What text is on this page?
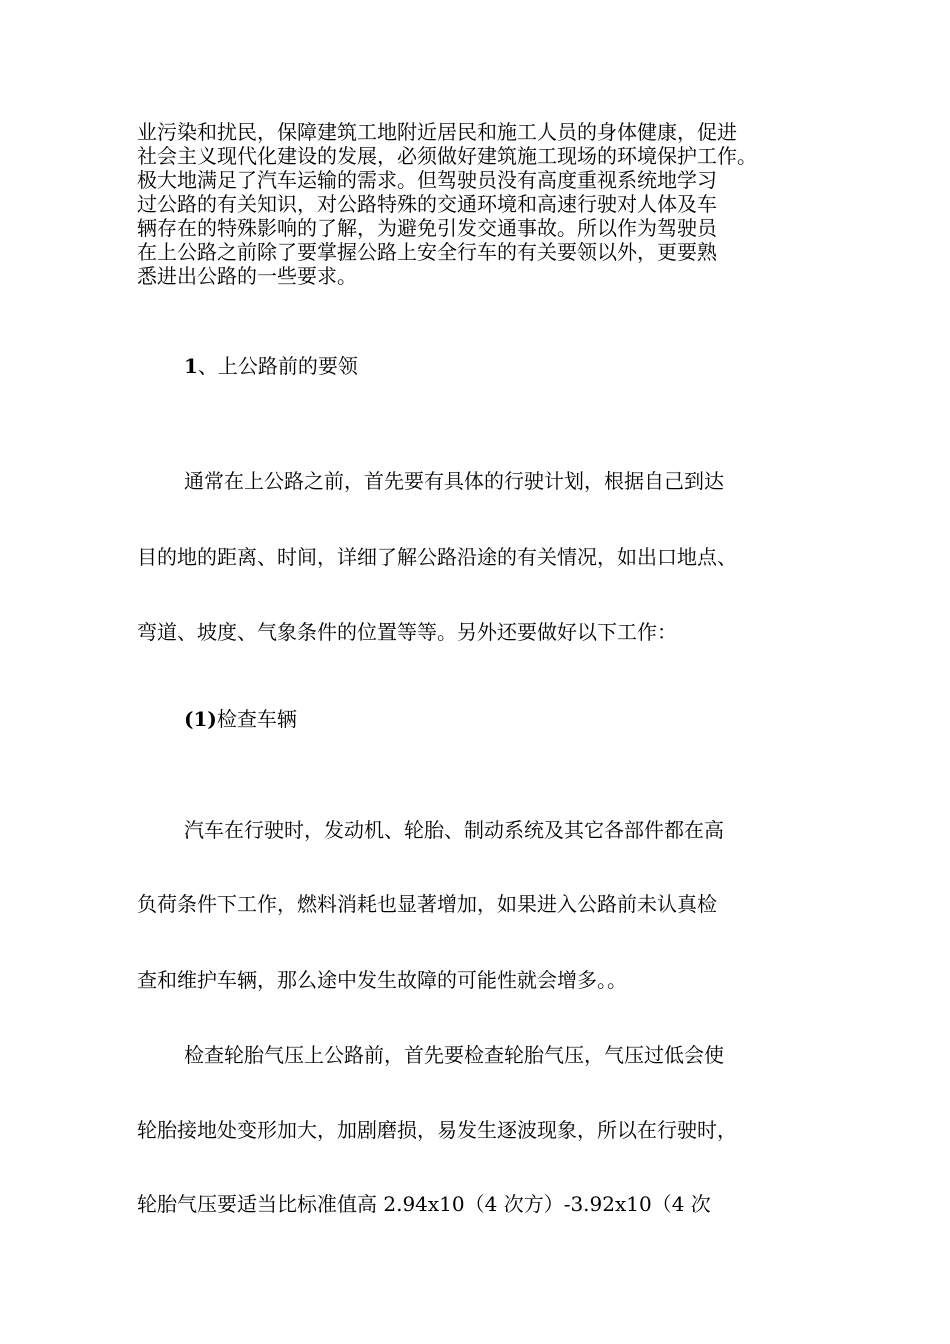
业污染和扰民，保障建筑工地附近居民和施工人员的身体健康，促进
社会主义现代化建设的发展，必须做好建筑施工现场的环境保护工作。
极大地满足了汽车运输的需求。但驾驶员没有高度重视系统地学习
过公路的有关知识，对公路特殊的交通环境和高速行驶对人体及车
辆存在的特殊影响的了解，为避免引发交通事故。所以作为驾驶员
在上公路之前除了要掌握公路上安全行车的有关要领以外，更要熟
悉进出公路的一些要求。
1、上公路前的要领
通常在上公路之前，首先要有具体的行驶计划，根据自己到达
目的地的距离、时间，详细了解公路沿途的有关情况，如出口地点、
弯道、坡度、气象条件的位置等等。另外还要做好以下工作：
(1)检查车辆
汽车在行驶时，发动机、轮胎、制动系统及其它各部件都在高
负荷条件下工作，燃料消耗也显著增加，如果进入公路前未认真检
查和维护车辆，那么途中发生故障的可能性就会增多。。
检查轮胎气压上公路前，首先要检查轮胎气压，气压过低会使
轮胎接地处变形加大，加剧磨损，易发生逐波现象，所以在行驶时，
轮胎气压要适当比标准值高 2.94x10（4 次方）-3.92x10（4 次
